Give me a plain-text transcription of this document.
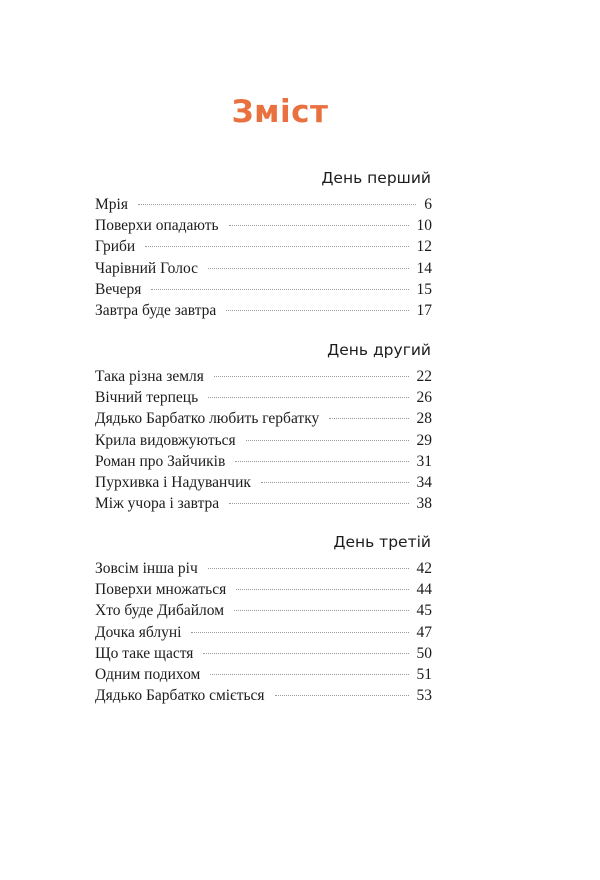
Зміст
День перший
Мрія	6
Поверхи опадають	10
Гриби	12
Чарівний Голос	14
Вечеря	15
Завтра буде завтра	17
День другий
Така різна земля	22
Вічний терпець	26
Дядько Барбатко любить гербатку	28
Крила видовжуються	29
Роман про Зайчиків	31
Пурхивка і Надуванчик	34
Між учора і завтра	38
День третій
Зовсім інша річ	42
Поверхи множаться	44
Хто буде Дибайлом	45
Дочка яблуні	47
Що таке щастя	50
Одним подихом	51
Дядько Барбатко сміється	53
